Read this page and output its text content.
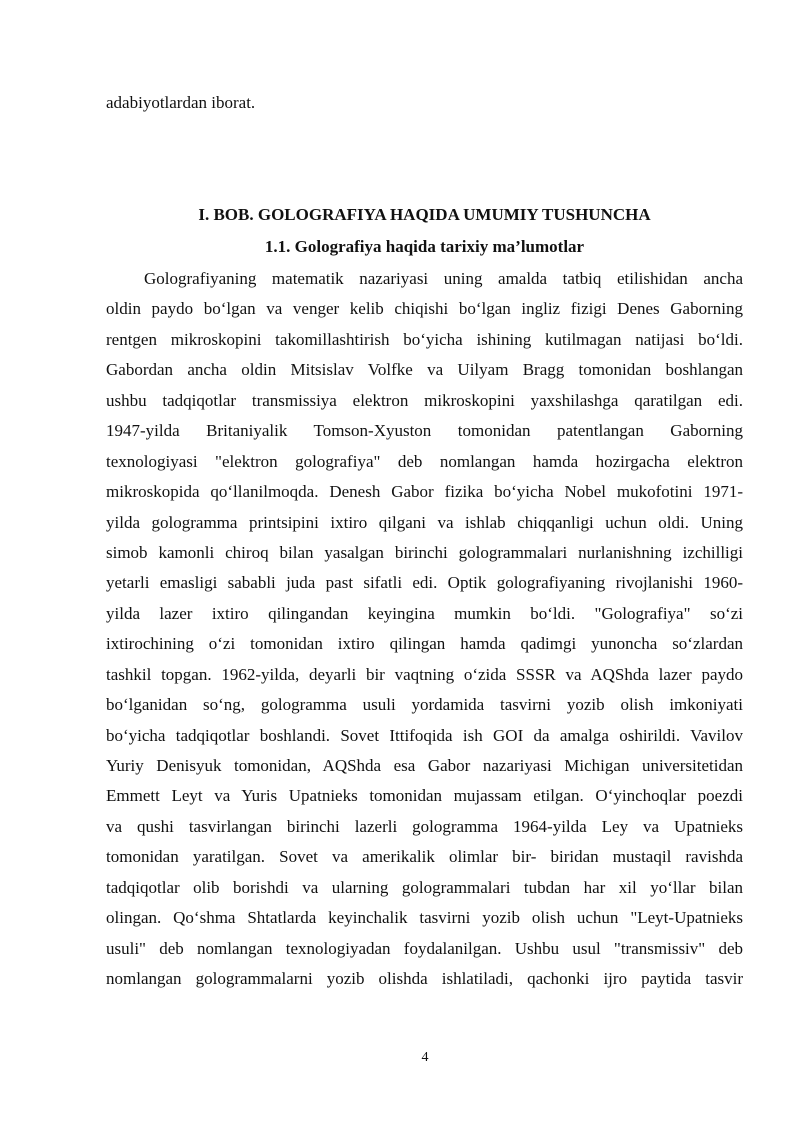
adabiyotlardan iborat.

I. BOB. GOLOGRAFIYA HAQIDA UMUMIY TUSHUNCHA
1.1. Golografiya haqida tarixiy ma’lumotlar
Golografiyaning matematik nazariyasi uning amalda tatbiq etilishidan ancha
oldin paydo bo‘lgan va venger kelib chiqishi bo‘lgan ingliz fizigi Denes Gaborning
rentgen mikroskopini takomillashtirish bo‘yicha ishining kutilmagan natijasi bo‘ldi.
Gabordan ancha oldin Mitsislav Volfke va Uilyam Bragg tomonidan boshlangan
ushbu tadqiqotlar transmissiya elektron mikroskopini yaxshilashga qaratilgan edi.
1947-yilda Britaniyalik Tomson-Xyuston tomonidan patentlangan Gaborning
texnologiyasi "elektron golografiya" deb nomlangan hamda hozirgacha elektron
mikroskopida qo‘llanilmoqda. Denesh Gabor fizika bo‘yicha Nobel mukofotini 1971-
yilda gologramma printsipini ixtiro qilgani va ishlab chiqqanligi uchun oldi. Uning
simob kamonli chiroq bilan yasalgan birinchi gologrammalari nurlanishning izchilligi
yetarli emasligi sababli juda past sifatli edi. Optik golografiyaning rivojlanishi 1960-
yilda lazer ixtiro qilingandan keyingina mumkin bo‘ldi. "Golografiya" so‘zi
ixtirochining o‘zi tomonidan ixtiro qilingan hamda qadimgi yunoncha so‘zlardan
tashkil topgan. 1962-yilda, deyarli bir vaqtning o‘zida SSSR va AQShda lazer paydo
bo‘lganidan so‘ng, gologramma usuli yordamida tasvirni yozib olish imkoniyati
bo‘yicha tadqiqotlar boshlandi. Sovet Ittifoqida ish GOI da amalga oshirildi. Vavilov
Yuriy Denisyuk tomonidan, AQShda esa Gabor nazariyasi Michigan universitetidan
Emmett Leyt va Yuris Upatnieks tomonidan mujassam etilgan. O‘yinchoqlar poezdi
va qushi tasvirlangan birinchi lazerli gologramma 1964-yilda Ley va Upatnieks
tomonidan yaratilgan. Sovet va amerikalik olimlar bir- biridan mustaqil ravishda
tadqiqotlar olib borishdi va ularning gologrammalari tubdan har xil yo‘llar bilan
olingan. Qo‘shma Shtatlarda keyinchalik tasvirni yozib olish uchun "Leyt-Upatnieks
usuli" deb nomlangan texnologiyadan foydalanilgan. Ushbu usul "transmissiv" deb
nomlangan gologrammalarni yozib olishda ishlatiladi, qachonki ijro paytida tasvir
4
